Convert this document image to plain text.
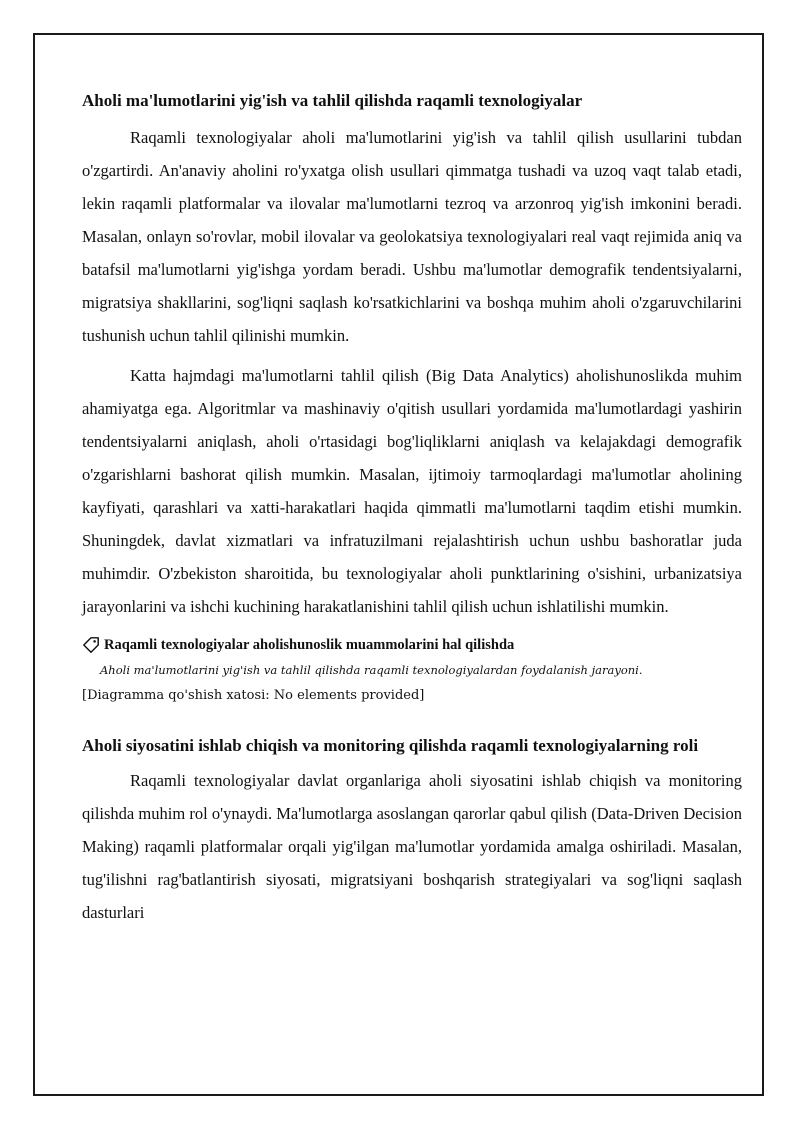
Aholi ma'lumotlarini yig'ish va tahlil qilishda raqamli texnologiyalar

Raqamli texnologiyalar aholi ma'lumotlarini yig'ish va tahlil qilish usullarini tubdan o'zgartirdi. An'anaviy aholini ro'yxatga olish usullari qimmatga tushadi va uzoq vaqt talab etadi, lekin raqamli platformalar va ilovalar ma'lumotlarni tezroq va arzonroq yig'ish imkonini beradi. Masalan, onlayn so'rovlar, mobil ilovalar va geolokatsiya texnologiyalari real vaqt rejimida aniq va batafsil ma'lumotlarni yig'ishga yordam beradi. Ushbu ma'lumotlar demografik tendentsiyalarni, migratsiya shakllarini, sog'liqni saqlash ko'rsatkichlarini va boshqa muhim aholi o'zgaruvchilarini tushunish uchun tahlil qilinishi mumkin.

Katta hajmdagi ma'lumotlarni tahlil qilish (Big Data Analytics) aholishunoslikda muhim ahamiyatga ega. Algoritmlar va mashinaviy o'qitish usullari yordamida ma'lumotlardagi yashirin tendentsiyalarni aniqlash, aholi o'rtasidagi bog'liqliklarni aniqlash va kelajakdagi demografik o'zgarishlarni bashorat qilish mumkin. Masalan, ijtimoiy tarmoqlardagi ma'lumotlar aholining kayfiyati, qarashlari va xatti-harakatlari haqida qimmatli ma'lumotlarni taqdim etishi mumkin. Shuningdek, davlat xizmatlari va infratuzilmani rejalashtirish uchun ushbu bashoratlar juda muhimdir. O'zbekiston sharoitida, bu texnologiyalar aholi punktlarining o'sishini, urbanizatsiya jarayonlarini va ishchi kuchining harakatlanishini tahlil qilish uchun ishlatilishi mumkin.

Raqamli texnologiyalar aholishunoslik muammolarini hal qilishda
Aholi ma'lumotlarini yig'ish va tahlil qilishda raqamli texnologiyalardan foydalanish jarayoni.
[Diagramma qo'shish xatosi: No elements provided]
Aholi siyosatini ishlab chiqish va monitoring qilishda raqamli texnologiyalarning roli

Raqamli texnologiyalar davlat organlariga aholi siyosatini ishlab chiqish va monitoring qilishda muhim rol o'ynaydi. Ma'lumotlarga asoslangan qarorlar qabul qilish (Data-Driven Decision Making) raqamli platformalar orqali yig'ilgan ma'lumotlar yordamida amalga oshiriladi. Masalan, tug'ilishni rag'batlantirish siyosati, migratsiyani boshqarish strategiyalari va sog'liqni saqlash dasturlari
